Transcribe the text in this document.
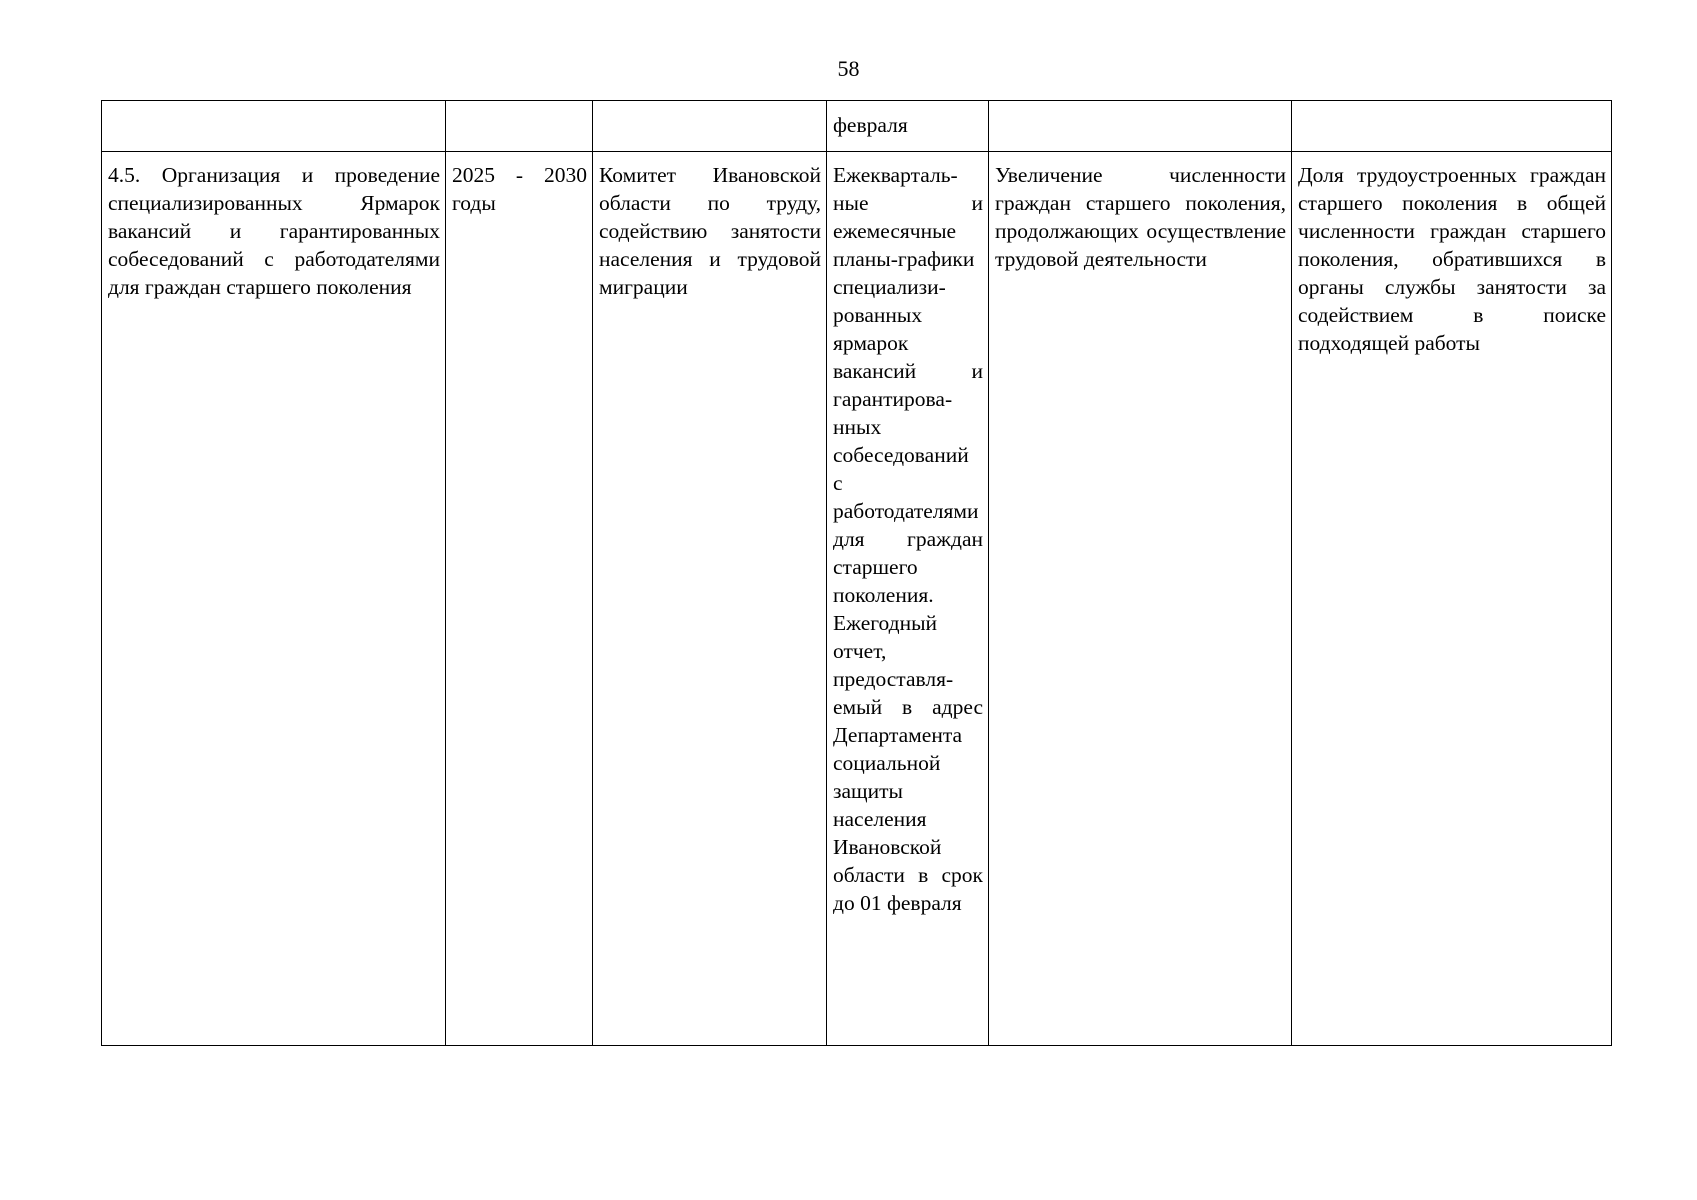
58

			февраля		

4.5. Организация и проведение специализированных Ярмарок вакансий и гарантированных собеседований с работодателями для граждан старшего поколения	2025 - 2030 годы	Комитет Ивановской области по труду, содействию занятости населения и трудовой миграции	Ежеквартальные и ежемесячные планы-графики специализированных ярмарок вакансий и гарантированных собеседований с работодателями для граждан старшего поколения. Ежегодный отчет, предоставляемый в адрес Департамента социальной защиты населения Ивановской области в срок до 01 февраля	Увеличение численности граждан старшего поколения, продолжающих осуществление трудовой деятельности	Доля трудоустроенных граждан старшего поколения в общей численности граждан старшего поколения, обратившихся в органы службы занятости за содействием в поиске подходящей работы
